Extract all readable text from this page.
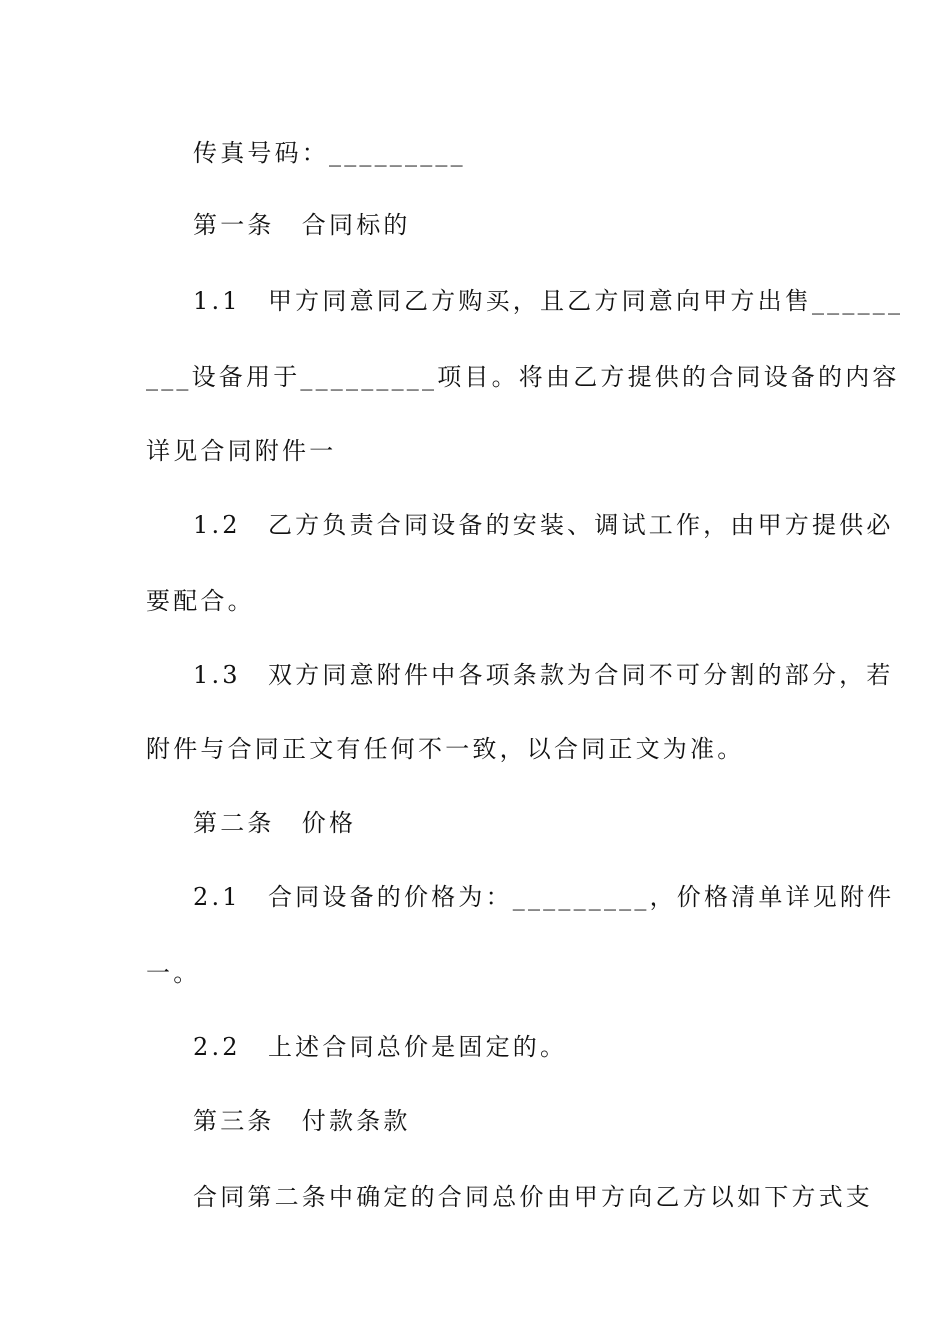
传真号码：_________
第一条　合同标的
1.1　甲方同意同乙方购买，且乙方同意向甲方出售______
___设备用于_________项目。将由乙方提供的合同设备的内容
详见合同附件一
1.2　乙方负责合同设备的安装、调试工作，由甲方提供必
要配合。
1.3　双方同意附件中各项条款为合同不可分割的部分，若
附件与合同正文有任何不一致，以合同正文为准。
第二条　价格
2.1　合同设备的价格为：_________，价格清单详见附件
一。
2.2　上述合同总价是固定的。
第三条　付款条款
合同第二条中确定的合同总价由甲方向乙方以如下方式支
